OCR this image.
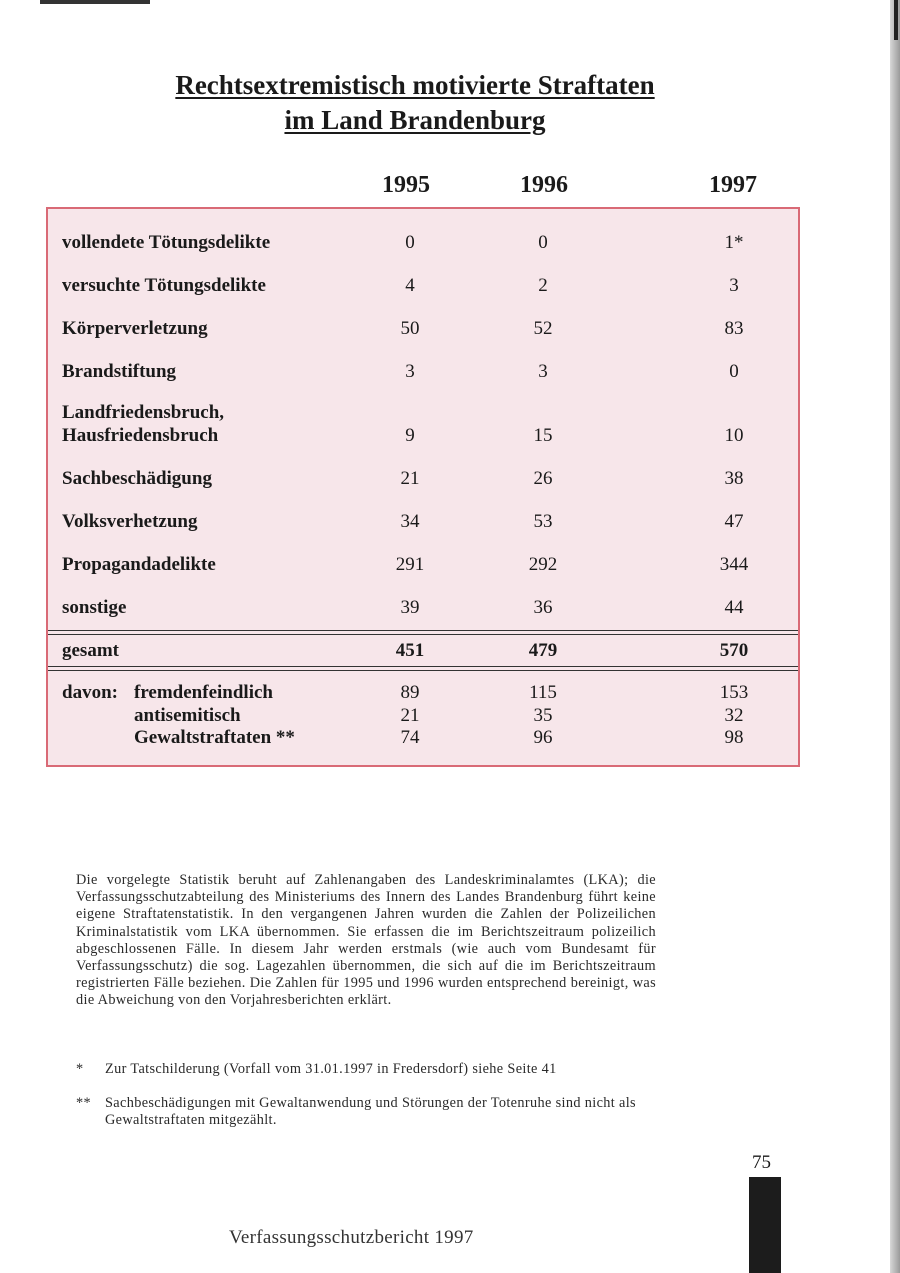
Rechtsextremistisch motivierte Straftaten
im Land Brandenburg
1995	1996	1997
vollendete Tötungsdelikte	0	0	1*
versuchte Tötungsdelikte	4	2	3
Körperverletzung	50	52	83
Brandstiftung	3	3	0
Landfriedensbruch,
Hausfriedensbruch	9	15	10
Sachbeschädigung	21	26	38
Volksverhetzung	34	53	47
Propagandadelikte	291	292	344
sonstige	39	36	44
gesamt	451	479	570
davon: fremdenfeindlich	89	115	153
antisemitisch	21	35	32
Gewaltstraftaten **	74	96	98
Die vorgelegte Statistik beruht auf Zahlenangaben des Landeskriminalamtes (LKA); die Verfassungsschutzabteilung des Ministeriums des Innern des Landes Brandenburg führt keine eigene Straftatenstatistik. In den vergangenen Jahren wurden die Zahlen der Polizeilichen Kriminalstatistik vom LKA übernommen. Sie erfassen die im Berichtszeitraum polizeilich abgeschlossenen Fälle. In diesem Jahr werden erstmals (wie auch vom Bundesamt für Verfassungsschutz) die sog. Lagezahlen übernommen, die sich auf die im Berichtszeitraum registrierten Fälle beziehen. Die Zahlen für 1995 und 1996 wurden entsprechend bereinigt, was die Abweichung von den Vorjahresberichten erklärt.
* Zur Tatschilderung (Vorfall vom 31.01.1997 in Fredersdorf) siehe Seite 41
** Sachbeschädigungen mit Gewaltanwendung und Störungen der Totenruhe sind nicht als Gewaltstraftaten mitgezählt.
75
Verfassungsschutzbericht 1997
